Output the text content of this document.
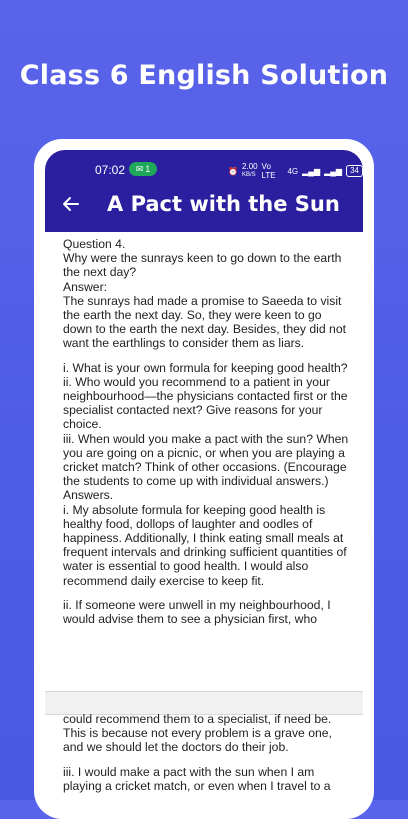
Class 6 English Solution
07:02 ✉ 1	⏰ 2.00
KB/S
Vo LTE	4G ▂▄▆ ▂▄▆	34
A Pact with the Sun

Question 4.

Why were the sunrays keen to go down to the earth the next day?

Answer:

The sunrays had made a promise to Saeeda to visit the earth the next day. So, they were keen to go down to the earth the next day. Besides, they did not want the earthlings to consider them as liars.

i. What is your own formula for keeping good health?

ii. Who would you recommend to a patient in your neighbourhood—the physicians contacted first or the specialist contacted next? Give reasons for your choice.

iii. When would you make a pact with the sun? When you are going on a picnic, or when you are playing a cricket match? Think of other occasions. (Encourage the students to come up with individual answers.)

Answers.

i. My absolute formula for keeping good health is healthy food, dollops of laughter and oodles of happiness. Additionally, I think eating small meals at frequent intervals and drinking sufficient quantities of water is essential to good health. I would also recommend daily exercise to keep fit.

ii. If someone were unwell in my neighbourhood, I would advise them to see a physician first, who

could recommend them to a specialist, if need be. This is because not every problem is a grave one, and we should let the doctors do their job.

iii. I would make a pact with the sun when I am playing a cricket match, or even when I travel to a
